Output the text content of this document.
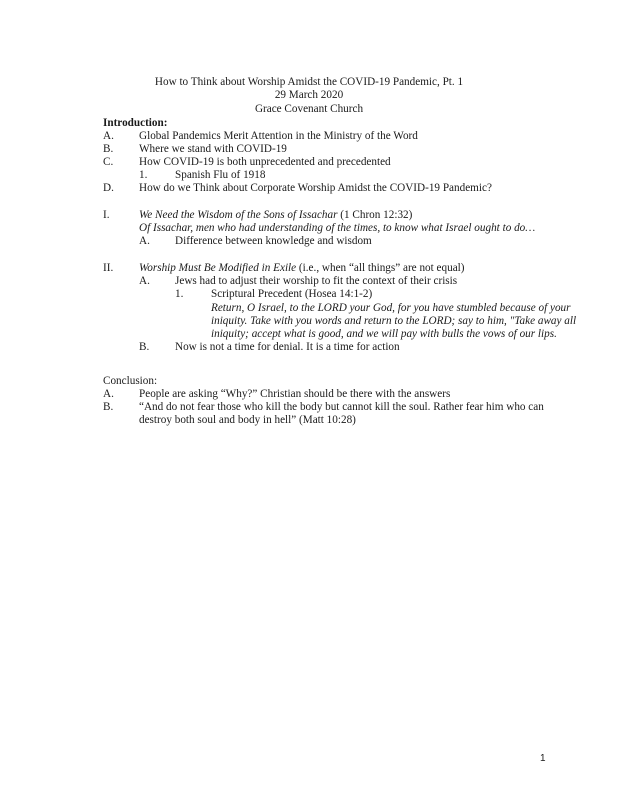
How to Think about Worship Amidst the COVID-19 Pandemic, Pt. 1
29 March 2020
Grace Covenant Church
Introduction:
A. Global Pandemics Merit Attention in the Ministry of the Word
B. Where we stand with COVID-19
C. How COVID-19 is both unprecedented and precedented
1. Spanish Flu of 1918
D. How do we Think about Corporate Worship Amidst the COVID-19 Pandemic?
I.	We Need the Wisdom of the Sons of Issachar (1 Chron 12:32)
Of Issachar, men who had understanding of the times, to know what Israel ought to do…
A. Difference between knowledge and wisdom
II. Worship Must Be Modified in Exile (i.e., when “all things” are not equal)
A. Jews had to adjust their worship to fit the context of their crisis
1. Scriptural Precedent (Hosea 14:1-2)
Return, O Israel, to the LORD your God, for you have stumbled because of your
iniquity. Take with you words and return to the LORD; say to him, "Take away all
iniquity; accept what is good, and we will pay with bulls the vows of our lips.
B. Now is not a time for denial. It is a time for action
Conclusion:
A. People are asking “Why?” Christian should be there with the answers
B. “And do not fear those who kill the body but cannot kill the soul. Rather fear him who can
destroy both soul and body in hell” (Matt 10:28)
1
